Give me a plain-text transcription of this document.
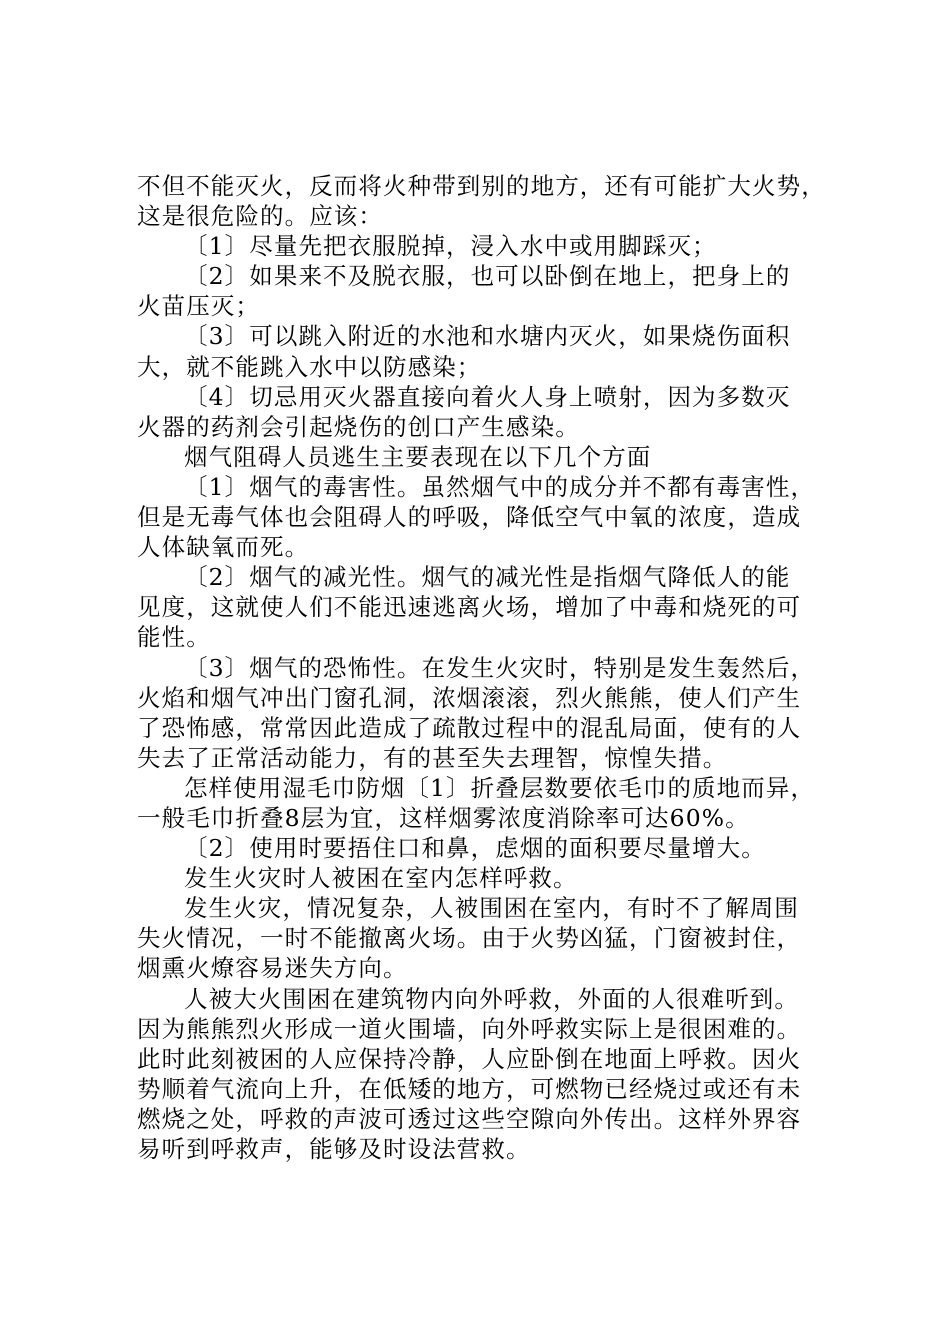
不但不能灭火，反而将火种带到别的地方，还有可能扩大火势，
这是很危险的。应该：
〔1〕尽量先把衣服脱掉，浸入水中或用脚踩灭；
〔2〕如果来不及脱衣服，也可以卧倒在地上，把身上的
火苗压灭；
〔3〕可以跳入附近的水池和水塘内灭火，如果烧伤面积
大，就不能跳入水中以防感染；
〔4〕切忌用灭火器直接向着火人身上喷射，因为多数灭
火器的药剂会引起烧伤的创口产生感染。
烟气阻碍人员逃生主要表现在以下几个方面
〔1〕烟气的毒害性。虽然烟气中的成分并不都有毒害性，
但是无毒气体也会阻碍人的呼吸，降低空气中氧的浓度，造成
人体缺氧而死。
〔2〕烟气的减光性。烟气的减光性是指烟气降低人的能
见度，这就使人们不能迅速逃离火场，增加了中毒和烧死的可
能性。
〔3〕烟气的恐怖性。在发生火灾时，特别是发生轰然后，
火焰和烟气冲出门窗孔洞，浓烟滚滚，烈火熊熊，使人们产生
了恐怖感，常常因此造成了疏散过程中的混乱局面，使有的人
失去了正常活动能力，有的甚至失去理智，惊惶失措。
怎样使用湿毛巾防烟〔1〕折叠层数要依毛巾的质地而异，
一般毛巾折叠8层为宜，这样烟雾浓度消除率可达60%。
〔2〕使用时要捂住口和鼻，虑烟的面积要尽量增大。
发生火灾时人被困在室内怎样呼救。
发生火灾，情况复杂，人被围困在室内，有时不了解周围
失火情况，一时不能撤离火场。由于火势凶猛，门窗被封住，
烟熏火燎容易迷失方向。
人被大火围困在建筑物内向外呼救，外面的人很难听到。
因为熊熊烈火形成一道火围墙，向外呼救实际上是很困难的。
此时此刻被困的人应保持冷静，人应卧倒在地面上呼救。因火
势顺着气流向上升，在低矮的地方，可燃物已经烧过或还有未
燃烧之处，呼救的声波可透过这些空隙向外传出。这样外界容
易听到呼救声，能够及时设法营救。
